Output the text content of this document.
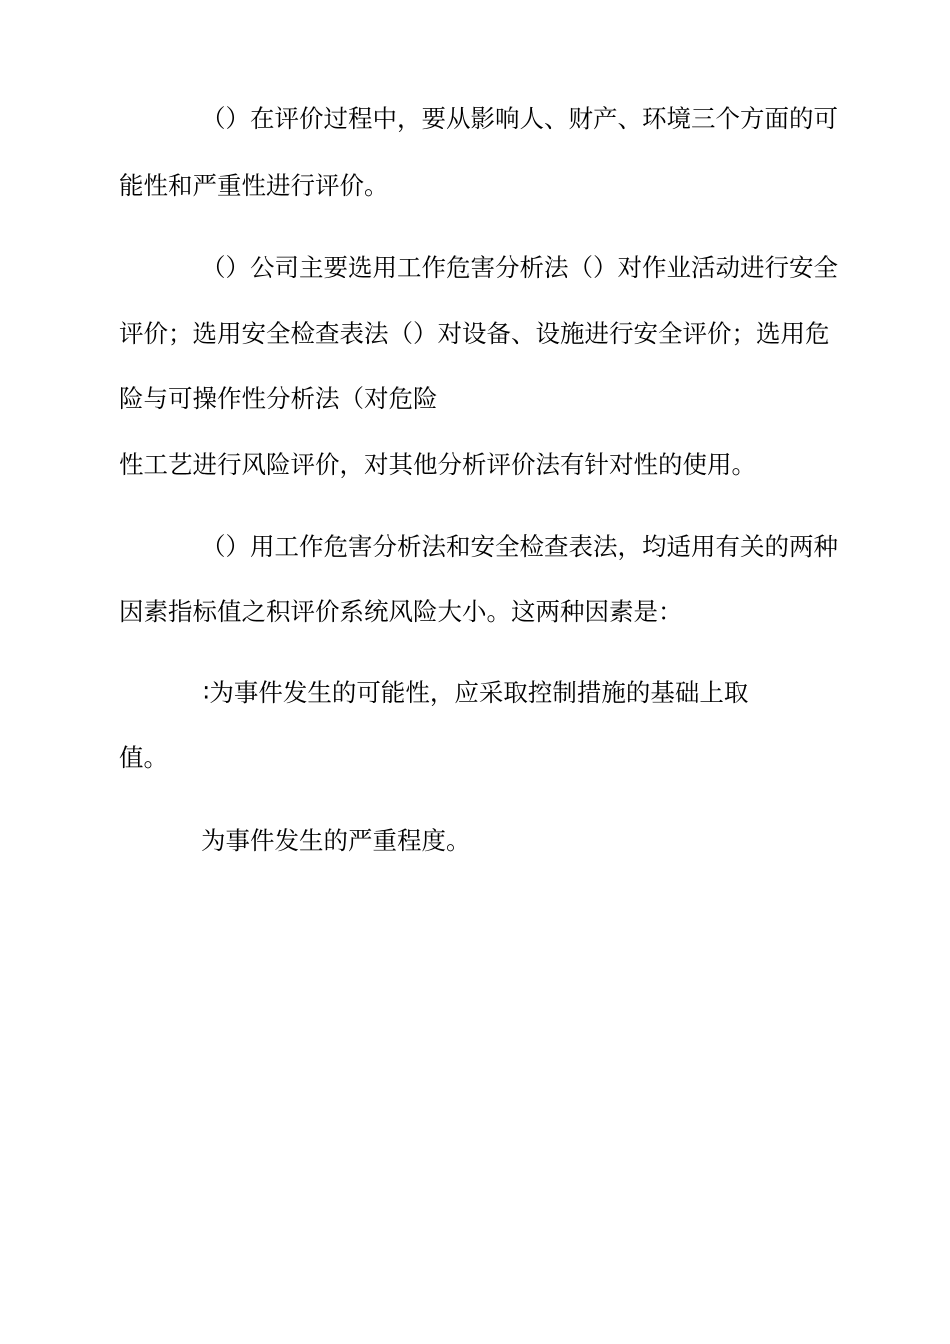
（）在评价过程中，要从影响人、财产、环境三个方面的可
能性和严重性进行评价。
（）公司主要选用工作危害分析法（）对作业活动进行安全
评价；选用安全检查表法（）对设备、设施进行安全评价；选用危
险与可操作性分析法（对危险
性工艺进行风险评价，对其他分析评价法有针对性的使用。
（）用工作危害分析法和安全检查表法，均适用有关的两种
因素指标值之积评价系统风险大小。这两种因素是：
∶为事件发生的可能性，应采取控制措施的基础上取
值。
为事件发生的严重程度。
